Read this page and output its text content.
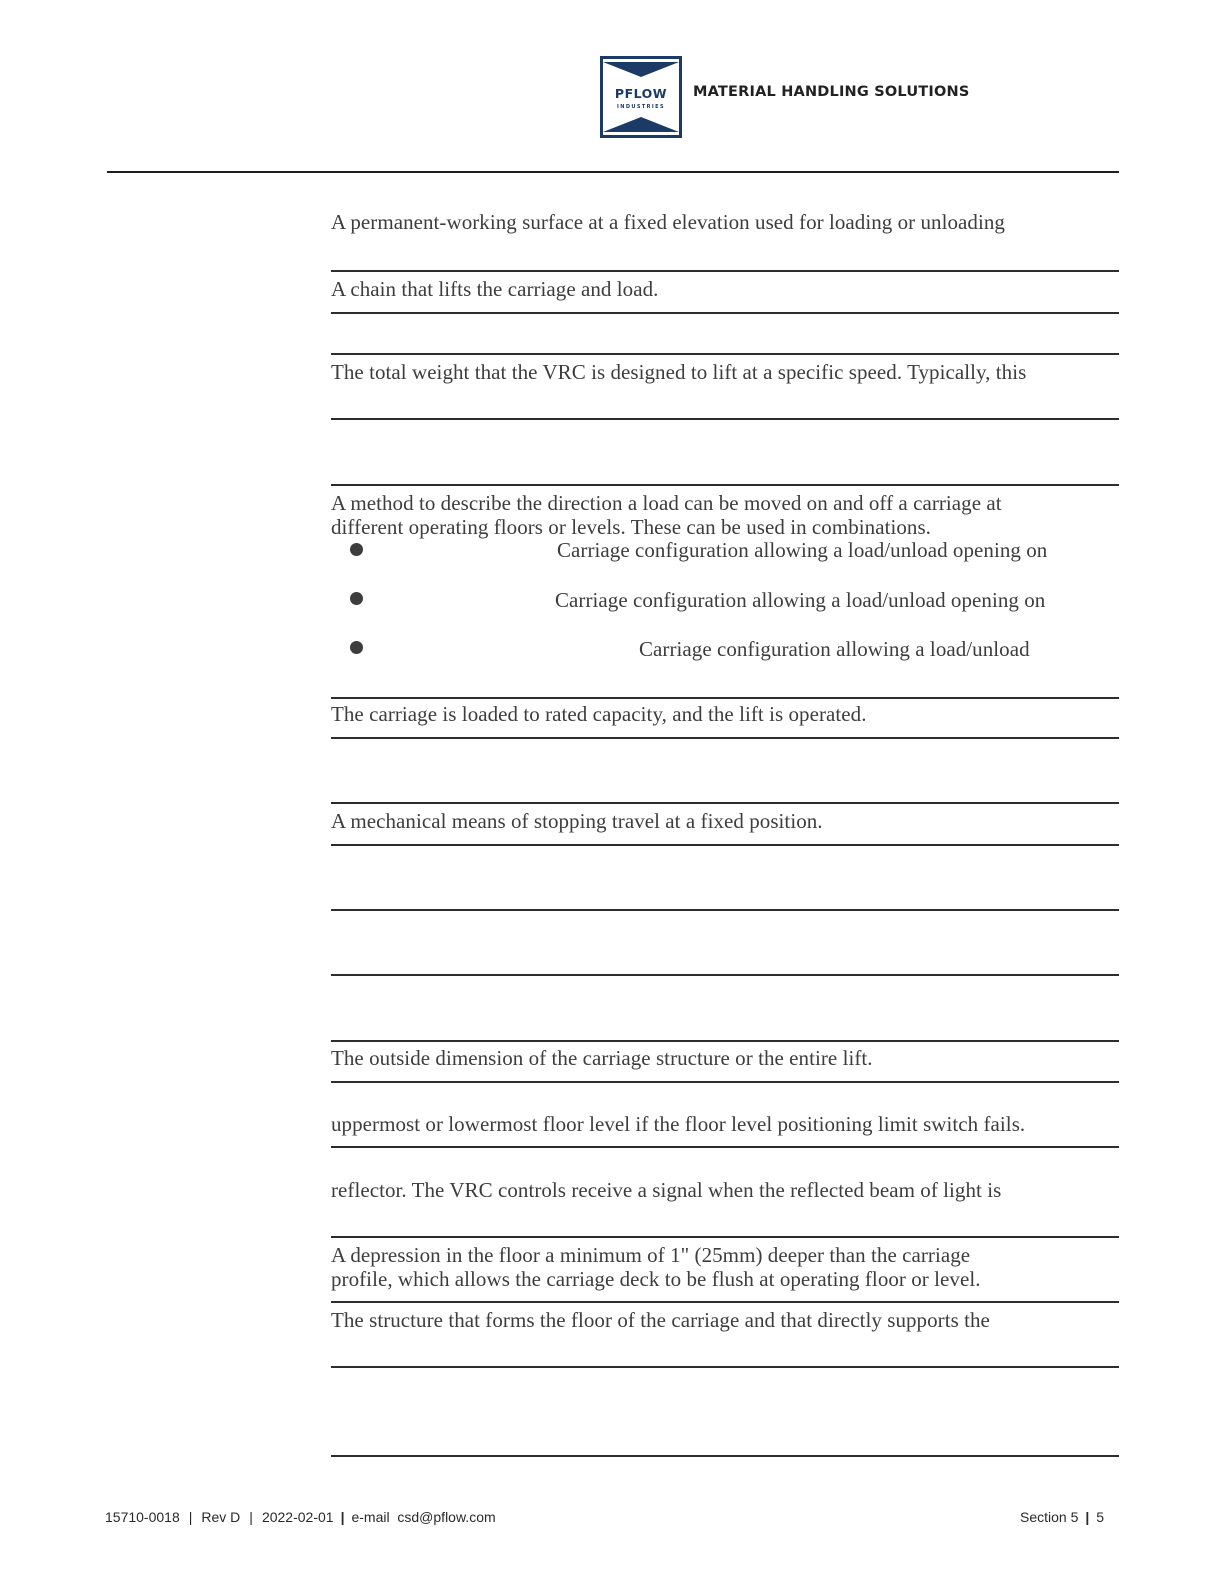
PFLOW
INDUSTRIES
MATERIAL HANDLING SOLUTIONS
A permanent-working surface at a fixed elevation used for loading or unloading
A chain that lifts the carriage and load.
The total weight that the VRC is designed to lift at a specific speed. Typically, this
A method to describe the direction a load can be moved on and off a carriage at
different operating floors or levels. These can be used in combinations.
Carriage configuration allowing a load/unload opening on
Carriage configuration allowing a load/unload opening on
Carriage configuration allowing a load/unload
The carriage is loaded to rated capacity, and the lift is operated.
A mechanical means of stopping travel at a fixed position.
The outside dimension of the carriage structure or the entire lift.
uppermost or lowermost floor level if the floor level positioning limit switch fails.
reflector. The VRC controls receive a signal when the reflected beam of light is
A depression in the floor a minimum of 1" (25mm) deeper than the carriage
profile, which allows the carriage deck to be flush at operating floor or level.
The structure that forms the floor of the carriage and that directly supports the
15710-0018 | Rev D | 2022-02-01 | e-mail csd@pflow.com	Section 5 | 5
